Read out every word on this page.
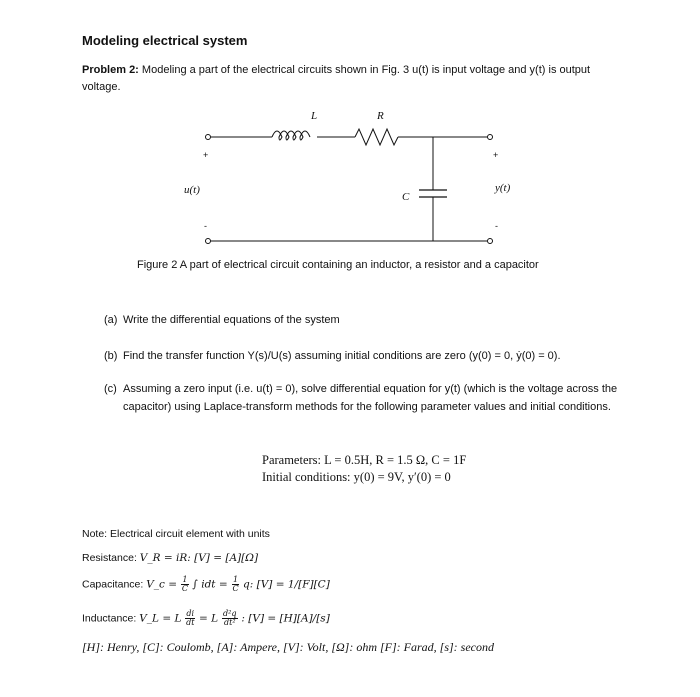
Modeling electrical system
Problem 2: Modeling a part of the electrical circuits shown in Fig. 3 u(t) is input voltage and y(t) is output voltage.
L	R
C
u(t)	y(t)
+
-
+
-
Figure 2 A part of electrical circuit containing an inductor, a resistor and a capacitor
(a) Write the differential equations of the system
(b) Find the transfer function Y(s)/U(s) assuming initial conditions are zero (y(0) = 0, ẏ(0) = 0).
(c) Assuming a zero input (i.e. u(t) = 0), solve differential equation for y(t) (which is the voltage across the capacitor) using Laplace-transform methods for the following parameter values and initial conditions.
Parameters: L = 0.5H, R = 1.5 Ω, C = 1F
Initial conditions: y(0) = 9V, y′(0) = 0
Note: Electrical circuit element with units
Resistance: V_R = iR: [V] = [A][Ω]
Capacitance: V_c = $\frac{1}{C}$ ∫ idt = $\frac{1}{C} q$: [V] = 1/[F][C]
Inductance: V_L = L $\frac{di}{dt} = L \frac{\text{d²q}}{\text{dt²}}$ : [V] = [H][A]/[s]
[H]: Henry, [C]: Coulomb, [A]: Ampere, [V]: Volt, [Ω]: ohm [F]: Farad, [s]: second
